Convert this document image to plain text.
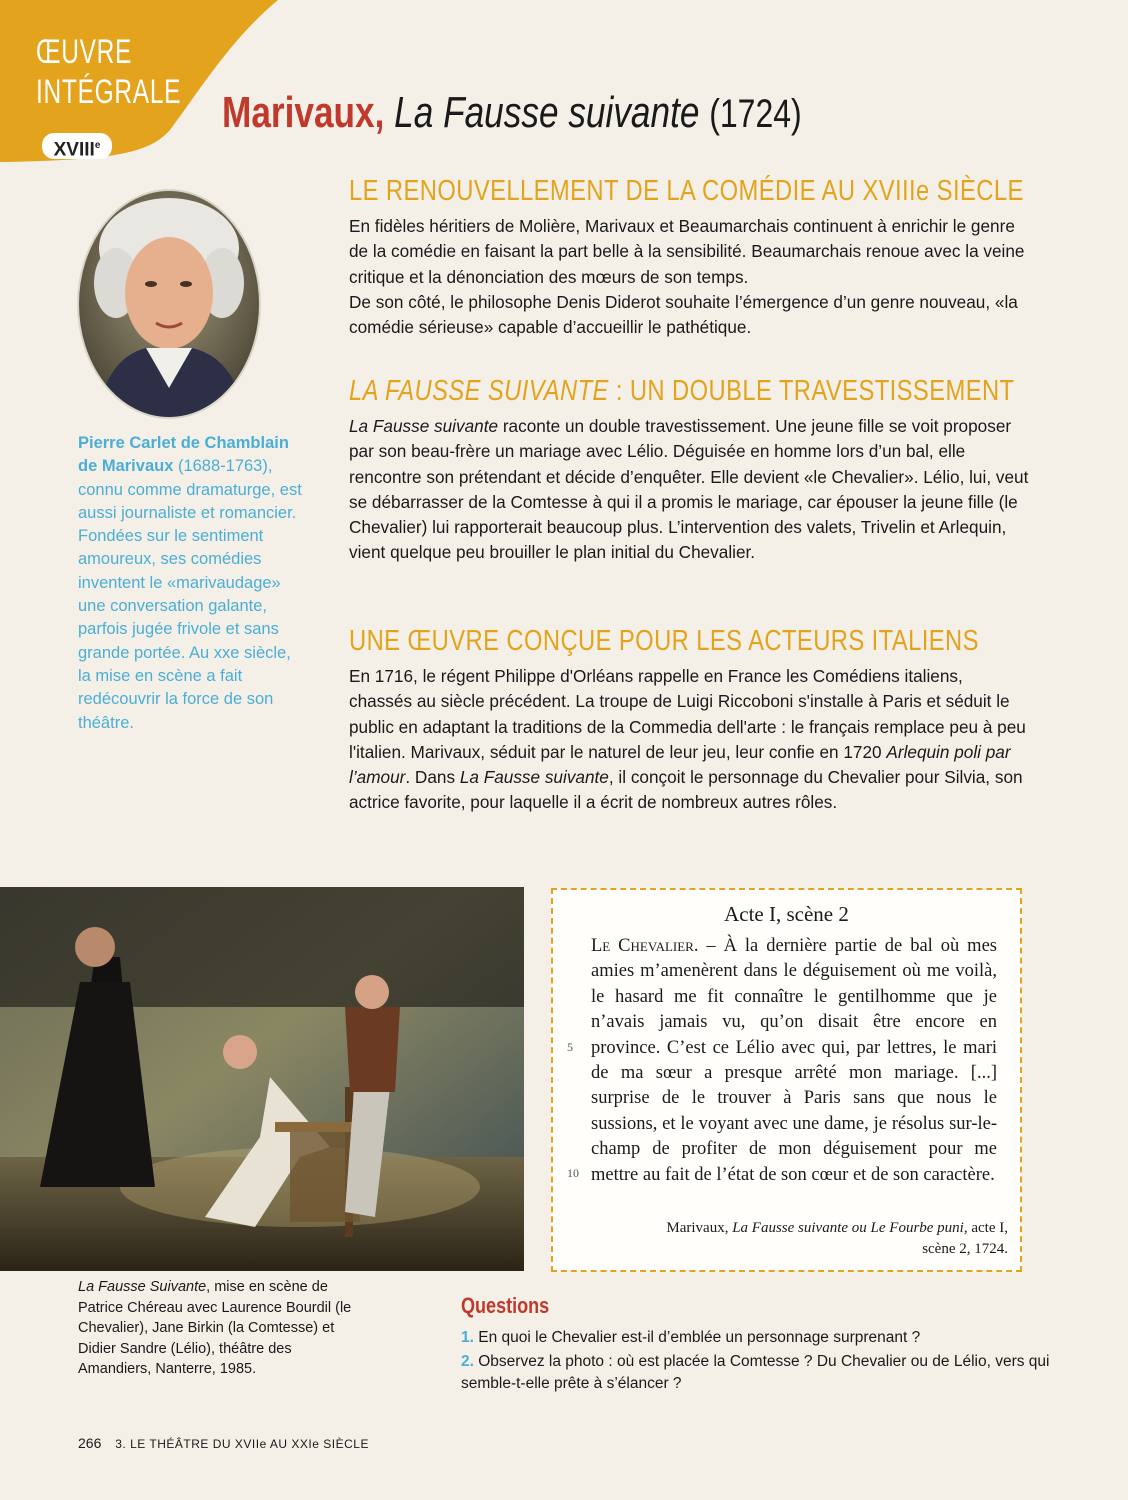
ŒUVRE
INTÉGRALE
XVIIIe
Marivaux, La Fausse suivante (1724)
Pierre Carlet de Chamblain de Marivaux (1688-1763), connu comme dramaturge, est aussi journaliste et romancier. Fondées sur le sentiment amoureux, ses comédies inventent le «marivaudage» une conversation galante, parfois jugée frivole et sans grande portée. Au xxe siècle, la mise en scène a fait redécouvrir la force de son théâtre.
LE RENOUVELLEMENT DE LA COMÉDIE AU XVIIIe SIÈCLE

En fidèles héritiers de Molière, Marivaux et Beaumarchais continuent à enrichir le genre de la comédie en faisant la part belle à la sensibilité. Beaumarchais renoue avec la veine critique et la dénonciation des mœurs de son temps.
De son côté, le philosophe Denis Diderot souhaite l’émergence d’un genre nouveau, «la comédie sérieuse» capable d’accueillir le pathétique.

LA FAUSSE SUIVANTE : UN DOUBLE TRAVESTISSEMENT

La Fausse suivante raconte un double travestissement. Une jeune fille se voit proposer par son beau-frère un mariage avec Lélio. Déguisée en homme lors d’un bal, elle rencontre son prétendant et décide d’enquêter. Elle devient «le Chevalier». Lélio, lui, veut se débarrasser de la Comtesse à qui il a promis le mariage, car épouser la jeune fille (le Chevalier) lui rapporterait beaucoup plus. L’intervention des valets, Trivelin et Arlequin, vient quelque peu brouiller le plan initial du Chevalier.

UNE ŒUVRE CONÇUE POUR LES ACTEURS ITALIENS

En 1716, le régent Philippe d'Orléans rappelle en France les Comédiens italiens, chassés au siècle précédent. La troupe de Luigi Riccoboni s'installe à Paris et séduit le public en adaptant la traditions de la Commedia dell'arte : le français remplace peu à peu l'italien. Marivaux, séduit par le naturel de leur jeu, leur confie en 1720 Arlequin poli par l’amour. Dans La Fausse suivante, il conçoit le personnage du Chevalier pour Silvia, son actrice favorite, pour laquelle il a écrit de nombreux autres rôles.

La Fausse Suivante, mise en scène de Patrice Chéreau avec Laurence Bourdil (le Chevalier), Jane Birkin (la Comtesse) et Didier Sandre (Lélio), théâtre des Amandiers, Nanterre, 1985.
Acte I, scène 2
5
10
Le Chevalier. – À la dernière partie de bal où mes amies m’amenèrent dans le déguisement où me voilà, le hasard me fit connaître le gentilhomme que je n’avais jamais vu, qu’on disait être encore en province. C’est ce Lélio avec qui, par lettres, le mari de ma sœur a presque arrêté mon mariage. [...] surprise de le trouver à Paris sans que nous le sussions, et le voyant avec une dame, je résolus sur-le-champ de profiter de mon déguisement pour me mettre au fait de l’état de son cœur et de son caractère.
Marivaux, La Fausse suivante ou Le Fourbe puni, acte I,
scène 2, 1724.
Questions
1. En quoi le Chevalier est-il d’emblée un personnage surprenant ?
2. Observez la photo : où est placée la Comtesse ? Du Chevalier ou de Lélio, vers qui semble-t-elle prête à s’élancer ?
266 3. LE THÉÂTRE DU XVIIe AU XXIe SIÈCLE
